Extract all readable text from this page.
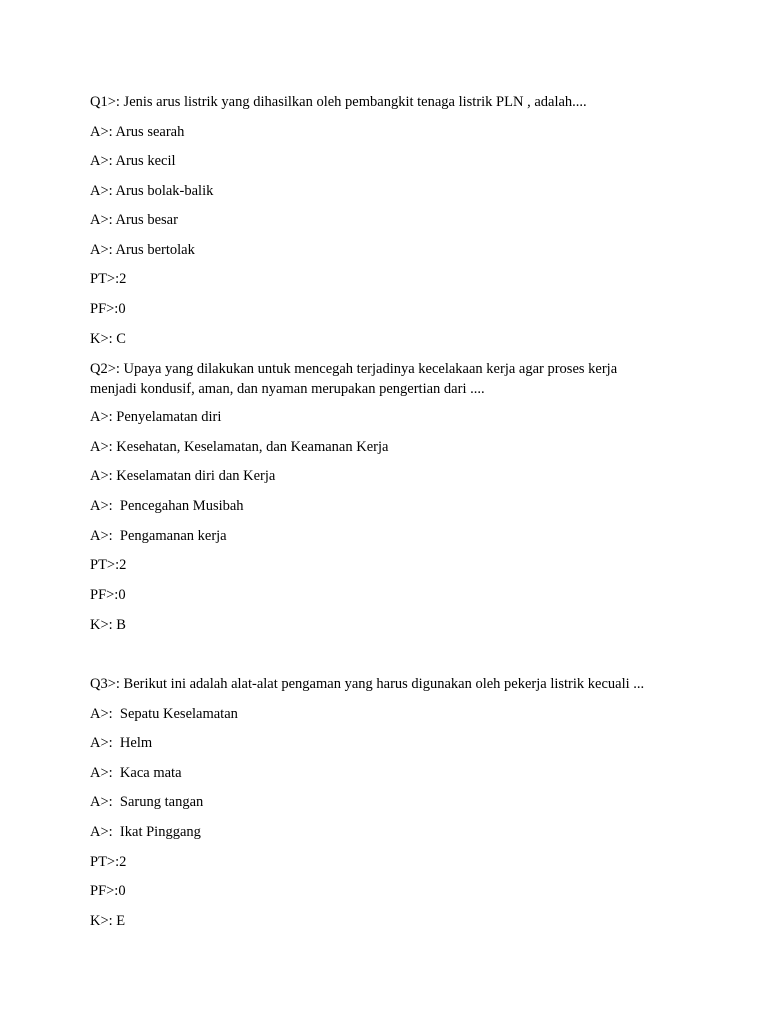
Q1>: Jenis arus listrik yang dihasilkan oleh pembangkit tenaga listrik PLN , adalah....
A>: Arus searah
A>: Arus kecil
A>: Arus bolak-balik
A>: Arus besar
A>: Arus bertolak
PT>:2
PF>:0
K>: C
Q2>: Upaya yang dilakukan untuk mencegah terjadinya kecelakaan kerja agar proses kerja menjadi kondusif, aman, dan nyaman merupakan pengertian dari ....
A>: Penyelamatan diri
A>: Kesehatan, Keselamatan, dan Keamanan Kerja
A>: Keselamatan diri dan Kerja
A>:  Pencegahan Musibah
A>:  Pengamanan kerja
PT>:2
PF>:0
K>: B
Q3>: Berikut ini adalah alat-alat pengaman yang harus digunakan oleh pekerja listrik kecuali ...
A>:  Sepatu Keselamatan
A>:  Helm
A>:  Kaca mata
A>:  Sarung tangan
A>:  Ikat Pinggang
PT>:2
PF>:0
K>: E
